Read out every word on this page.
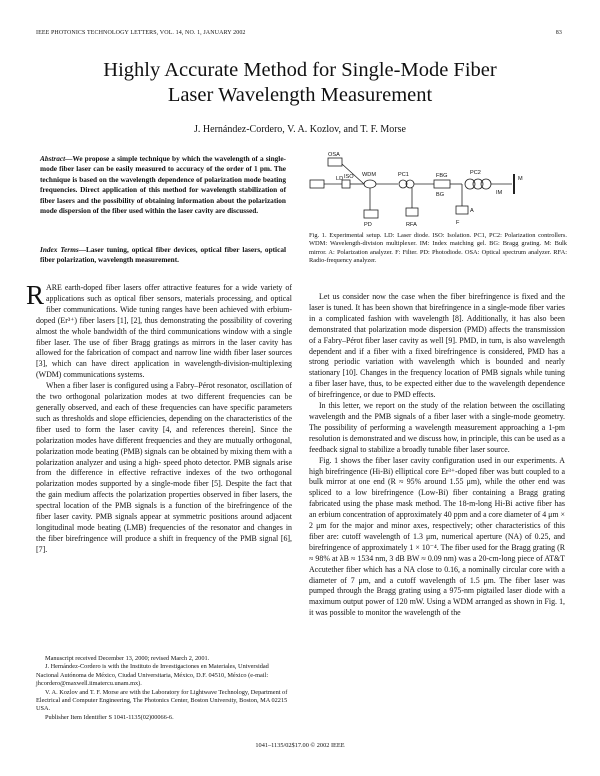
IEEE PHOTONICS TECHNOLOGY LETTERS, VOL. 14, NO. 1, JANUARY 2002	83
Highly Accurate Method for Single-Mode Fiber
Laser Wavelength Measurement
J. Hernández-Cordero, V. A. Kozlov, and T. F. Morse
Abstract—We propose a simple technique by which the wavelength of a single-mode fiber laser can be easily measured to accuracy of the order of 1 pm. The technique is based on the wavelength dependence of polarization mode beating frequencies. Direct application of this method for wavelength stabilization of fiber lasers and the possibility of obtaining information about the polarization mode dispersion of the fiber used within the laser cavity are discussed.
Index Terms—Laser tuning, optical fiber devices, optical fiber lasers, optical fiber polarization, wavelength measurement.
LD ISO WDM	PC1	PC2
FBG	M
IM
BG
RFA
OSA
PD
A
F
Fig. 1. Experimental setup. LD: Laser diode. ISO: Isolation. PC1, PC2: Polarization controllers. WDM: Wavelength-division multiplexer. IM: Index matching gel. BG: Bragg grating. M: Bulk mirror. A: Polarization analyzer. F: Filter. PD: Photodiode. OSA: Optical spectrum analyzer. RFA: Radio-frequency analyzer.

RARE earth-doped fiber lasers offer attractive features for a wide variety of applications such as optical fiber sensors, materials processing, and optical fiber communications. Wide tuning ranges have been achieved with erbium-doped (Er³⁺) fiber lasers [1], [2], thus demonstrating the possibility of covering almost the whole bandwidth of the third communications window with a single fiber laser. The use of fiber Bragg gratings as mirrors in the laser cavity has allowed for the fabrication of compact and narrow line width fiber laser sources [3], which can have direct application in wavelength-division-multiplexing (WDM) communications systems.

When a fiber laser is configured using a Fabry–Pérot resonator, oscillation of the two orthogonal polarization modes at two different frequencies can be generally observed, and each of these frequencies can have specific parameters such as thresholds and slope efficiencies, depending on the characteristics of the fiber used to form the laser cavity [4, and references therein]. Since the polarization modes have different frequencies and they are mutually orthogonal, polarization mode beating (PMB) signals can be obtained by mixing them with a polarization analyzer and using a high- speed photo detector. PMB signals arise from the difference in effective refractive indexes of the two orthogonal polarization modes supported by a single-mode fiber [5]. Despite the fact that the gain medium affects the polarization properties observed in fiber lasers, the spectral location of the PMB signals is a function of the birefringence of the fiber laser cavity. PMB signals appear at symmetric positions around adjacent longitudinal mode beating (LMB) frequencies of the resonator and changes in the fiber birefringence will produce a shift in frequency of the PMB signal [6], [7].

Manuscript received December 13, 2000; revised March 2, 2001.

J. Hernández-Cordero is with the Instituto de Investigaciones en Materiales, Universidad Nacional Autónoma de México, Ciudad Universitaria, México, D.F. 04510, México (e-mail: jhcordero@maxwell.iimatercu.unam.mx).

V. A. Kozlov and T. F. Morse are with the Laboratory for Lightwave Technology, Department of Electrical and Computer Engineering, The Photonics Center, Boston University, Boston, MA 02215 USA.

Publisher Item Identifier S 1041-1135(02)00066-6.

Let us consider now the case when the fiber birefringence is fixed and the laser is tuned. It has been shown that birefringence in a single-mode fiber varies in a complicated fashion with wavelength [8]. Additionally, it has also been demonstrated that polarization mode dispersion (PMD) affects the transmission of a Fabry–Pérot fiber laser cavity as well [9]. PMD, in turn, is also wavelength dependent and if a fiber with a fixed birefringence is considered, PMD has a strong periodic variation with wavelength which is bounded and nearly stationary [10]. Changes in the frequency location of PMB signals while tuning a fiber laser have, thus, to be expected either due to the wavelength dependence of birefringence, or due to PMD effects.

In this letter, we report on the study of the relation between the oscillating wavelength and the PMB signals of a fiber laser with a single-mode geometry. The possibility of performing a wavelength measurement approaching a 1-pm resolution is demonstrated and we discuss how, in principle, this can be used as a feedback signal to stabilize a broadly tunable fiber laser source.

Fig. 1 shows the fiber laser cavity configuration used in our experiments. A high birefringence (Hi-Bi) elliptical core Er³⁺-doped fiber was butt coupled to a bulk mirror at one end (R ≈ 95% around 1.55 μm), while the other end was spliced to a low birefringence (Low-Bi) fiber containing a Bragg grating fabricated using the phase mask method. The 18-m-long Hi-Bi active fiber has an erbium concentration of approximately 40 ppm and a core diameter of 4 μm × 2 μm for the major and minor axes, respectively; other characteristics of this fiber are: cutoff wavelength of 1.3 μm, numerical aperture (NA) of 0.25, and birefringence of approximately 1 × 10⁻⁴. The fiber used for the Bragg grating (R ≈ 98% at λB ≈ 1534 nm, 3 dB BW ≈ 0.09 nm) was a 20-cm-long piece of AT&T Accutether fiber which has a NA close to 0.16, a nominally circular core with a diameter of 7 μm, and a cutoff wavelength of 1.5 μm. The fiber laser was pumped through the Bragg grating using a 975-nm pigtailed laser diode with a maximum output power of 120 mW. Using a WDM arranged as shown in Fig. 1, it was possible to monitor the wavelength of the

1041–1135/02$17.00 © 2002 IEEE
